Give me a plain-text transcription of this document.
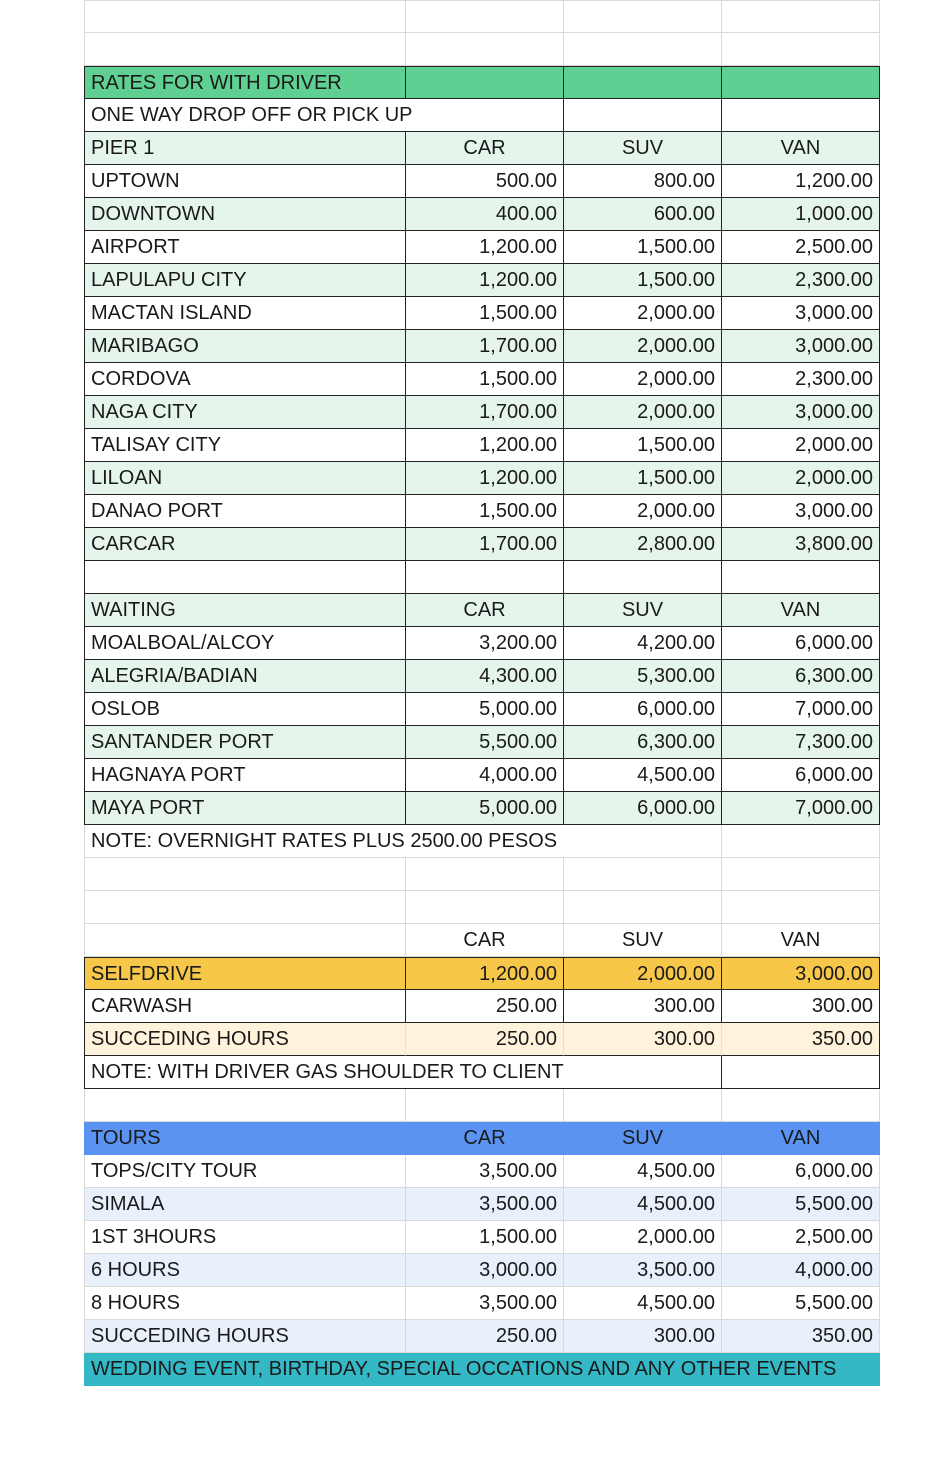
RATES FOR WITH DRIVER
ONE WAY DROP OFF OR PICK UP
PIER 1	CAR	SUV	VAN
UPTOWN	500.00	800.00	1,200.00
DOWNTOWN	400.00	600.00	1,000.00
AIRPORT	1,200.00	1,500.00	2,500.00
LAPULAPU CITY	1,200.00	1,500.00	2,300.00
MACTAN ISLAND	1,500.00	2,000.00	3,000.00
MARIBAGO	1,700.00	2,000.00	3,000.00
CORDOVA	1,500.00	2,000.00	2,300.00
NAGA CITY	1,700.00	2,000.00	3,000.00
TALISAY CITY	1,200.00	1,500.00	2,000.00
LILOAN	1,200.00	1,500.00	2,000.00
DANAO PORT	1,500.00	2,000.00	3,000.00
CARCAR	1,700.00	2,800.00	3,800.00
WAITING	CAR	SUV	VAN
MOALBOAL/ALCOY	3,200.00	4,200.00	6,000.00
ALEGRIA/BADIAN	4,300.00	5,300.00	6,300.00
OSLOB	5,000.00	6,000.00	7,000.00
SANTANDER PORT	5,500.00	6,300.00	7,300.00
HAGNAYA PORT	4,000.00	4,500.00	6,000.00
MAYA PORT	5,000.00	6,000.00	7,000.00
NOTE: OVERNIGHT RATES PLUS 2500.00 PESOS
CAR	SUV	VAN
SELFDRIVE	1,200.00	2,000.00	3,000.00
CARWASH	250.00	300.00	300.00
SUCCEDING HOURS	250.00	300.00	350.00
NOTE: WITH DRIVER GAS SHOULDER TO CLIENT
TOURS	CAR	SUV	VAN
TOPS/CITY TOUR	3,500.00	4,500.00	6,000.00
SIMALA	3,500.00	4,500.00	5,500.00
1ST 3HOURS	1,500.00	2,000.00	2,500.00
6 HOURS	3,000.00	3,500.00	4,000.00
8 HOURS	3,500.00	4,500.00	5,500.00
SUCCEDING HOURS	250.00	300.00	350.00
WEDDING EVENT, BIRTHDAY, SPECIAL OCCATIONS AND ANY OTHER EVENTS
